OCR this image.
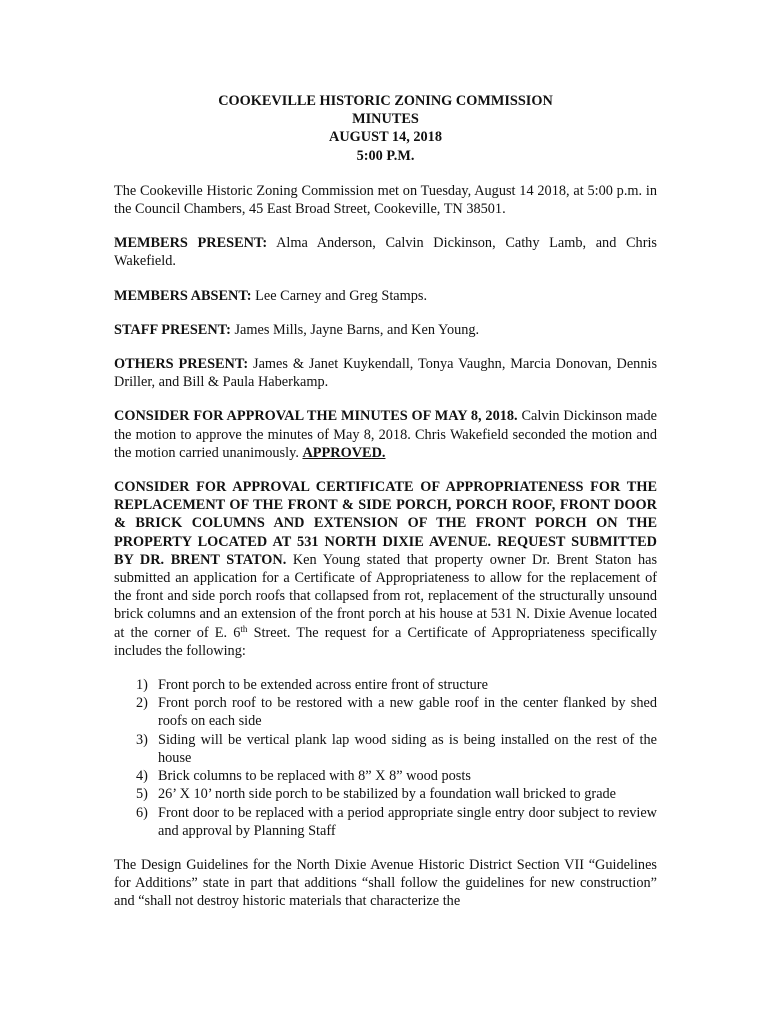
COOKEVILLE HISTORIC ZONING COMMISSION
MINUTES
AUGUST 14, 2018
5:00 P.M.

The Cookeville Historic Zoning Commission met on Tuesday, August 14 2018, at 5:00 p.m. in the Council Chambers, 45 East Broad Street, Cookeville, TN 38501.

MEMBERS PRESENT: Alma Anderson, Calvin Dickinson, Cathy Lamb, and Chris Wakefield.

MEMBERS ABSENT: Lee Carney and Greg Stamps.

STAFF PRESENT: James Mills, Jayne Barns, and Ken Young.

OTHERS PRESENT: James & Janet Kuykendall, Tonya Vaughn, Marcia Donovan, Dennis Driller, and Bill & Paula Haberkamp.

CONSIDER FOR APPROVAL THE MINUTES OF MAY 8, 2018. Calvin Dickinson made the motion to approve the minutes of May 8, 2018. Chris Wakefield seconded the motion and the motion carried unanimously. APPROVED.

CONSIDER FOR APPROVAL CERTIFICATE OF APPROPRIATENESS FOR THE REPLACEMENT OF THE FRONT & SIDE PORCH, PORCH ROOF, FRONT DOOR & BRICK COLUMNS AND EXTENSION OF THE FRONT PORCH ON THE PROPERTY LOCATED AT 531 NORTH DIXIE AVENUE. REQUEST SUBMITTED BY DR. BRENT STATON. Ken Young stated that property owner Dr. Brent Staton has submitted an application for a Certificate of Appropriateness to allow for the replacement of the front and side porch roofs that collapsed from rot, replacement of the structurally unsound brick columns and an extension of the front porch at his house at 531 N. Dixie Avenue located at the corner of E. 6th Street. The request for a Certificate of Appropriateness specifically includes the following:

1) Front porch to be extended across entire front of structure
2) Front porch roof to be restored with a new gable roof in the center flanked by shed roofs on each side
3) Siding will be vertical plank lap wood siding as is being installed on the rest of the house
4) Brick columns to be replaced with 8” X 8” wood posts
5) 26’ X 10’ north side porch to be stabilized by a foundation wall bricked to grade
6) Front door to be replaced with a period appropriate single entry door subject to review and approval by Planning Staff

The Design Guidelines for the North Dixie Avenue Historic District Section VII “Guidelines for Additions” state in part that additions “shall follow the guidelines for new construction” and “shall not destroy historic materials that characterize the
